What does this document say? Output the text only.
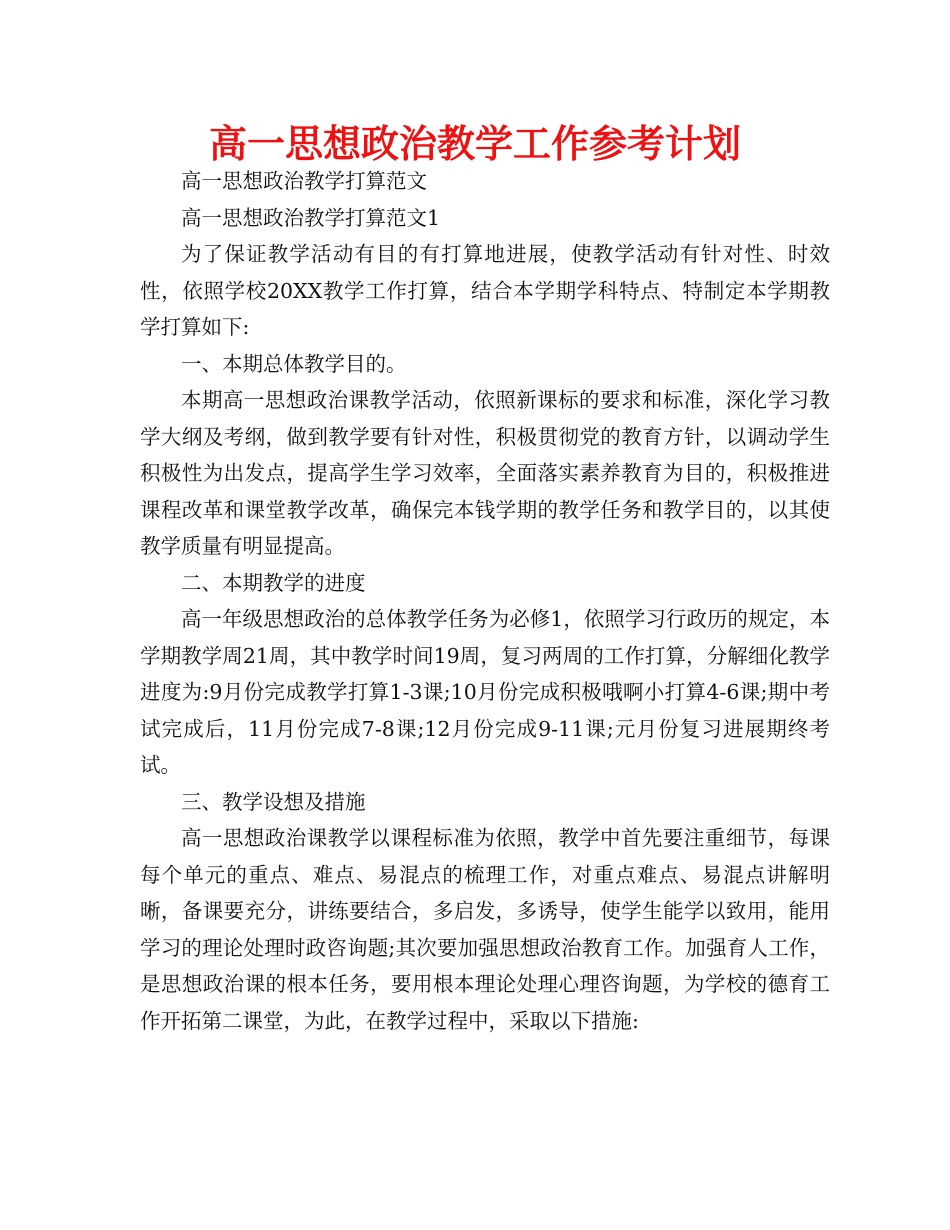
高一思想政治教学工作参考计划

高一思想政治教学打算范文

高一思想政治教学打算范文1

为了保证教学活动有目的有打算地进展，使教学活动有针对性、时效性，依照学校20XX教学工作打算，结合本学期学科特点、特制定本学期教学打算如下:

一、本期总体教学目的。

本期高一思想政治课教学活动，依照新课标的要求和标准，深化学习教学大纲及考纲，做到教学要有针对性，积极贯彻党的教育方针，以调动学生积极性为出发点，提高学生学习效率，全面落实素养教育为目的，积极推进课程改革和课堂教学改革，确保完本钱学期的教学任务和教学目的，以其使教学质量有明显提高。

二、本期教学的进度

高一年级思想政治的总体教学任务为必修1，依照学习行政历的规定，本学期教学周21周，其中教学时间19周，复习两周的工作打算，分解细化教学进度为:9月份完成教学打算1-3课;10月份完成积极哦啊小打算4-6课;期中考试完成后，11月份完成7-8课;12月份完成9-11课;元月份复习进展期终考试。

三、教学设想及措施

高一思想政治课教学以课程标准为依照，教学中首先要注重细节，每课每个单元的重点、难点、易混点的梳理工作，对重点难点、易混点讲解明晰，备课要充分，讲练要结合，多启发，多诱导，使学生能学以致用，能用学习的理论处理时政咨询题;其次要加强思想政治教育工作。加强育人工作，是思想政治课的根本任务，要用根本理论处理心理咨询题，为学校的德育工作开拓第二课堂，为此，在教学过程中，采取以下措施:
